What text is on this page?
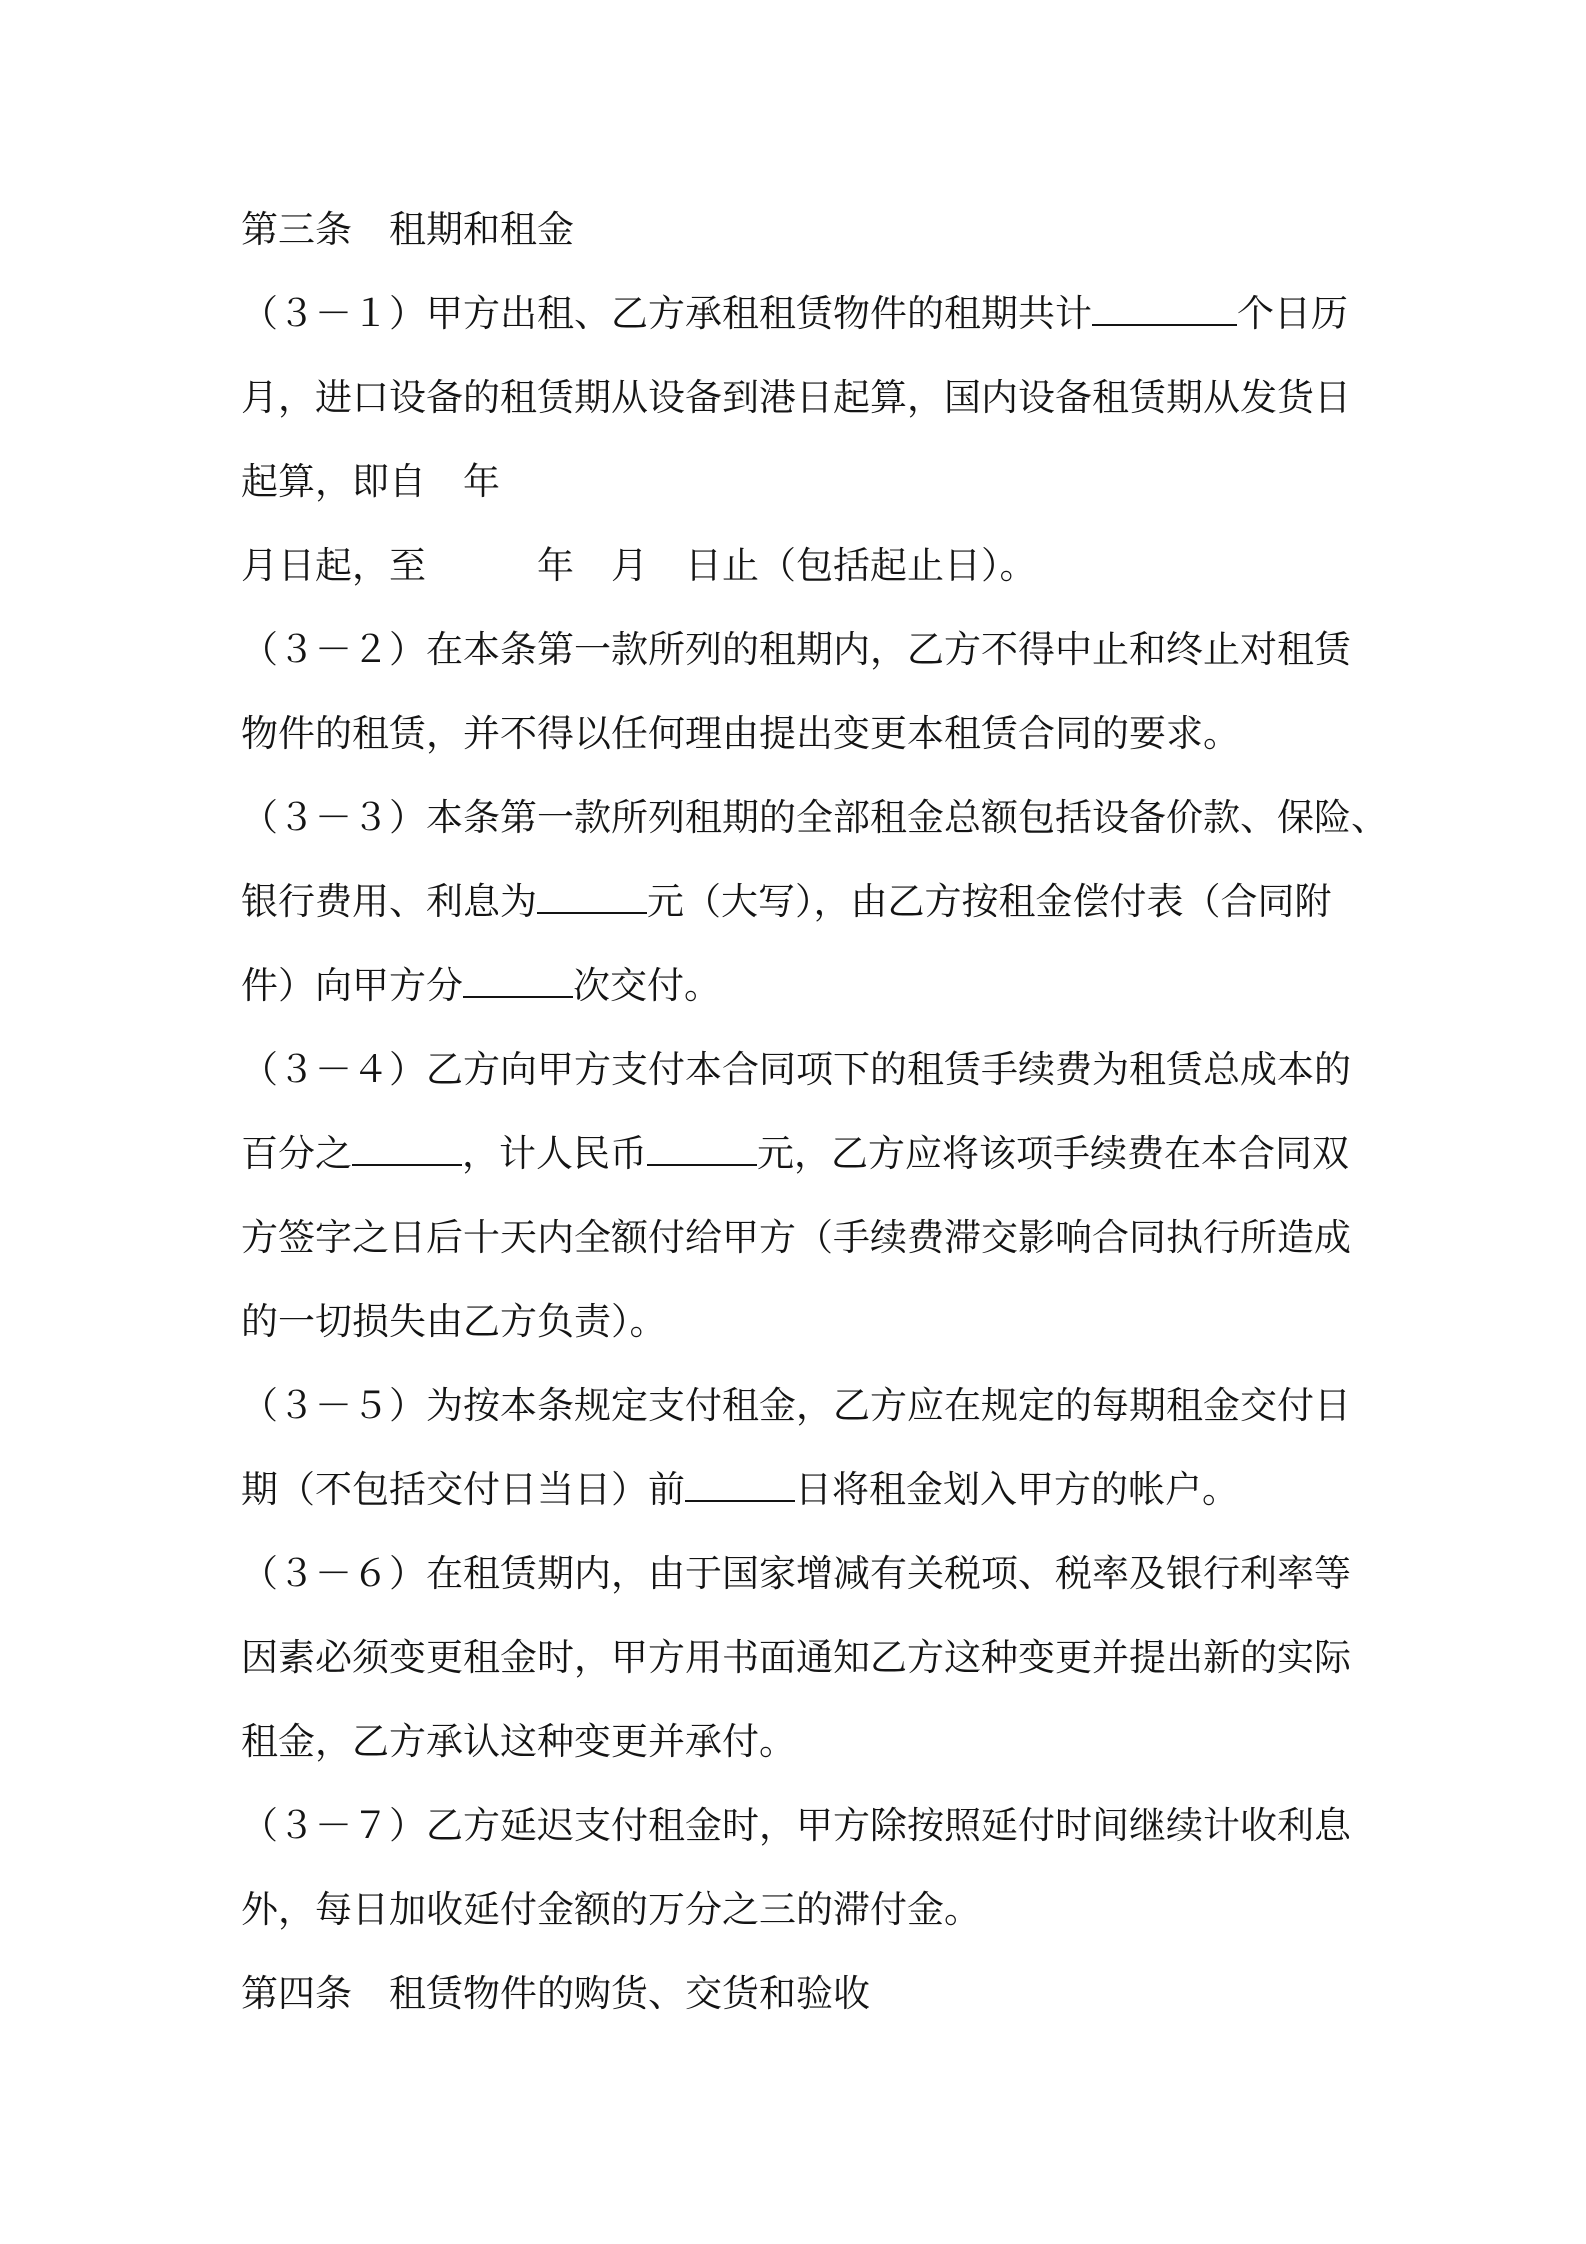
第三条　租期和租金
（３－１）甲方出租、乙方承租租赁物件的租期共计	个日历
月，进口设备的租赁期从设备到港日起算，国内设备租赁期从发货日
起算，即自　年
月日起，至　　　年　月　日止（包括起止日）。
（３－２）在本条第一款所列的租期内，乙方不得中止和终止对租赁
物件的租赁，并不得以任何理由提出变更本租赁合同的要求。
（３－３）本条第一款所列租期的全部租金总额包括设备价款、保险、
银行费用、利息为	元（大写），由乙方按租金偿付表（合同附
件）向甲方分	次交付。
（３－４）乙方向甲方支付本合同项下的租赁手续费为租赁总成本的
百分之	，计人民币	元，乙方应将该项手续费在本合同双
方签字之日后十天内全额付给甲方（手续费滞交影响合同执行所造成
的一切损失由乙方负责）。
（３－５）为按本条规定支付租金，乙方应在规定的每期租金交付日
期（不包括交付日当日）前	日将租金划入甲方的帐户。
（３－６）在租赁期内，由于国家增减有关税项、税率及银行利率等
因素必须变更租金时，甲方用书面通知乙方这种变更并提出新的实际
租金，乙方承认这种变更并承付。
（３－７）乙方延迟支付租金时，甲方除按照延付时间继续计收利息
外，每日加收延付金额的万分之三的滞付金。
第四条　租赁物件的购货、交货和验收
